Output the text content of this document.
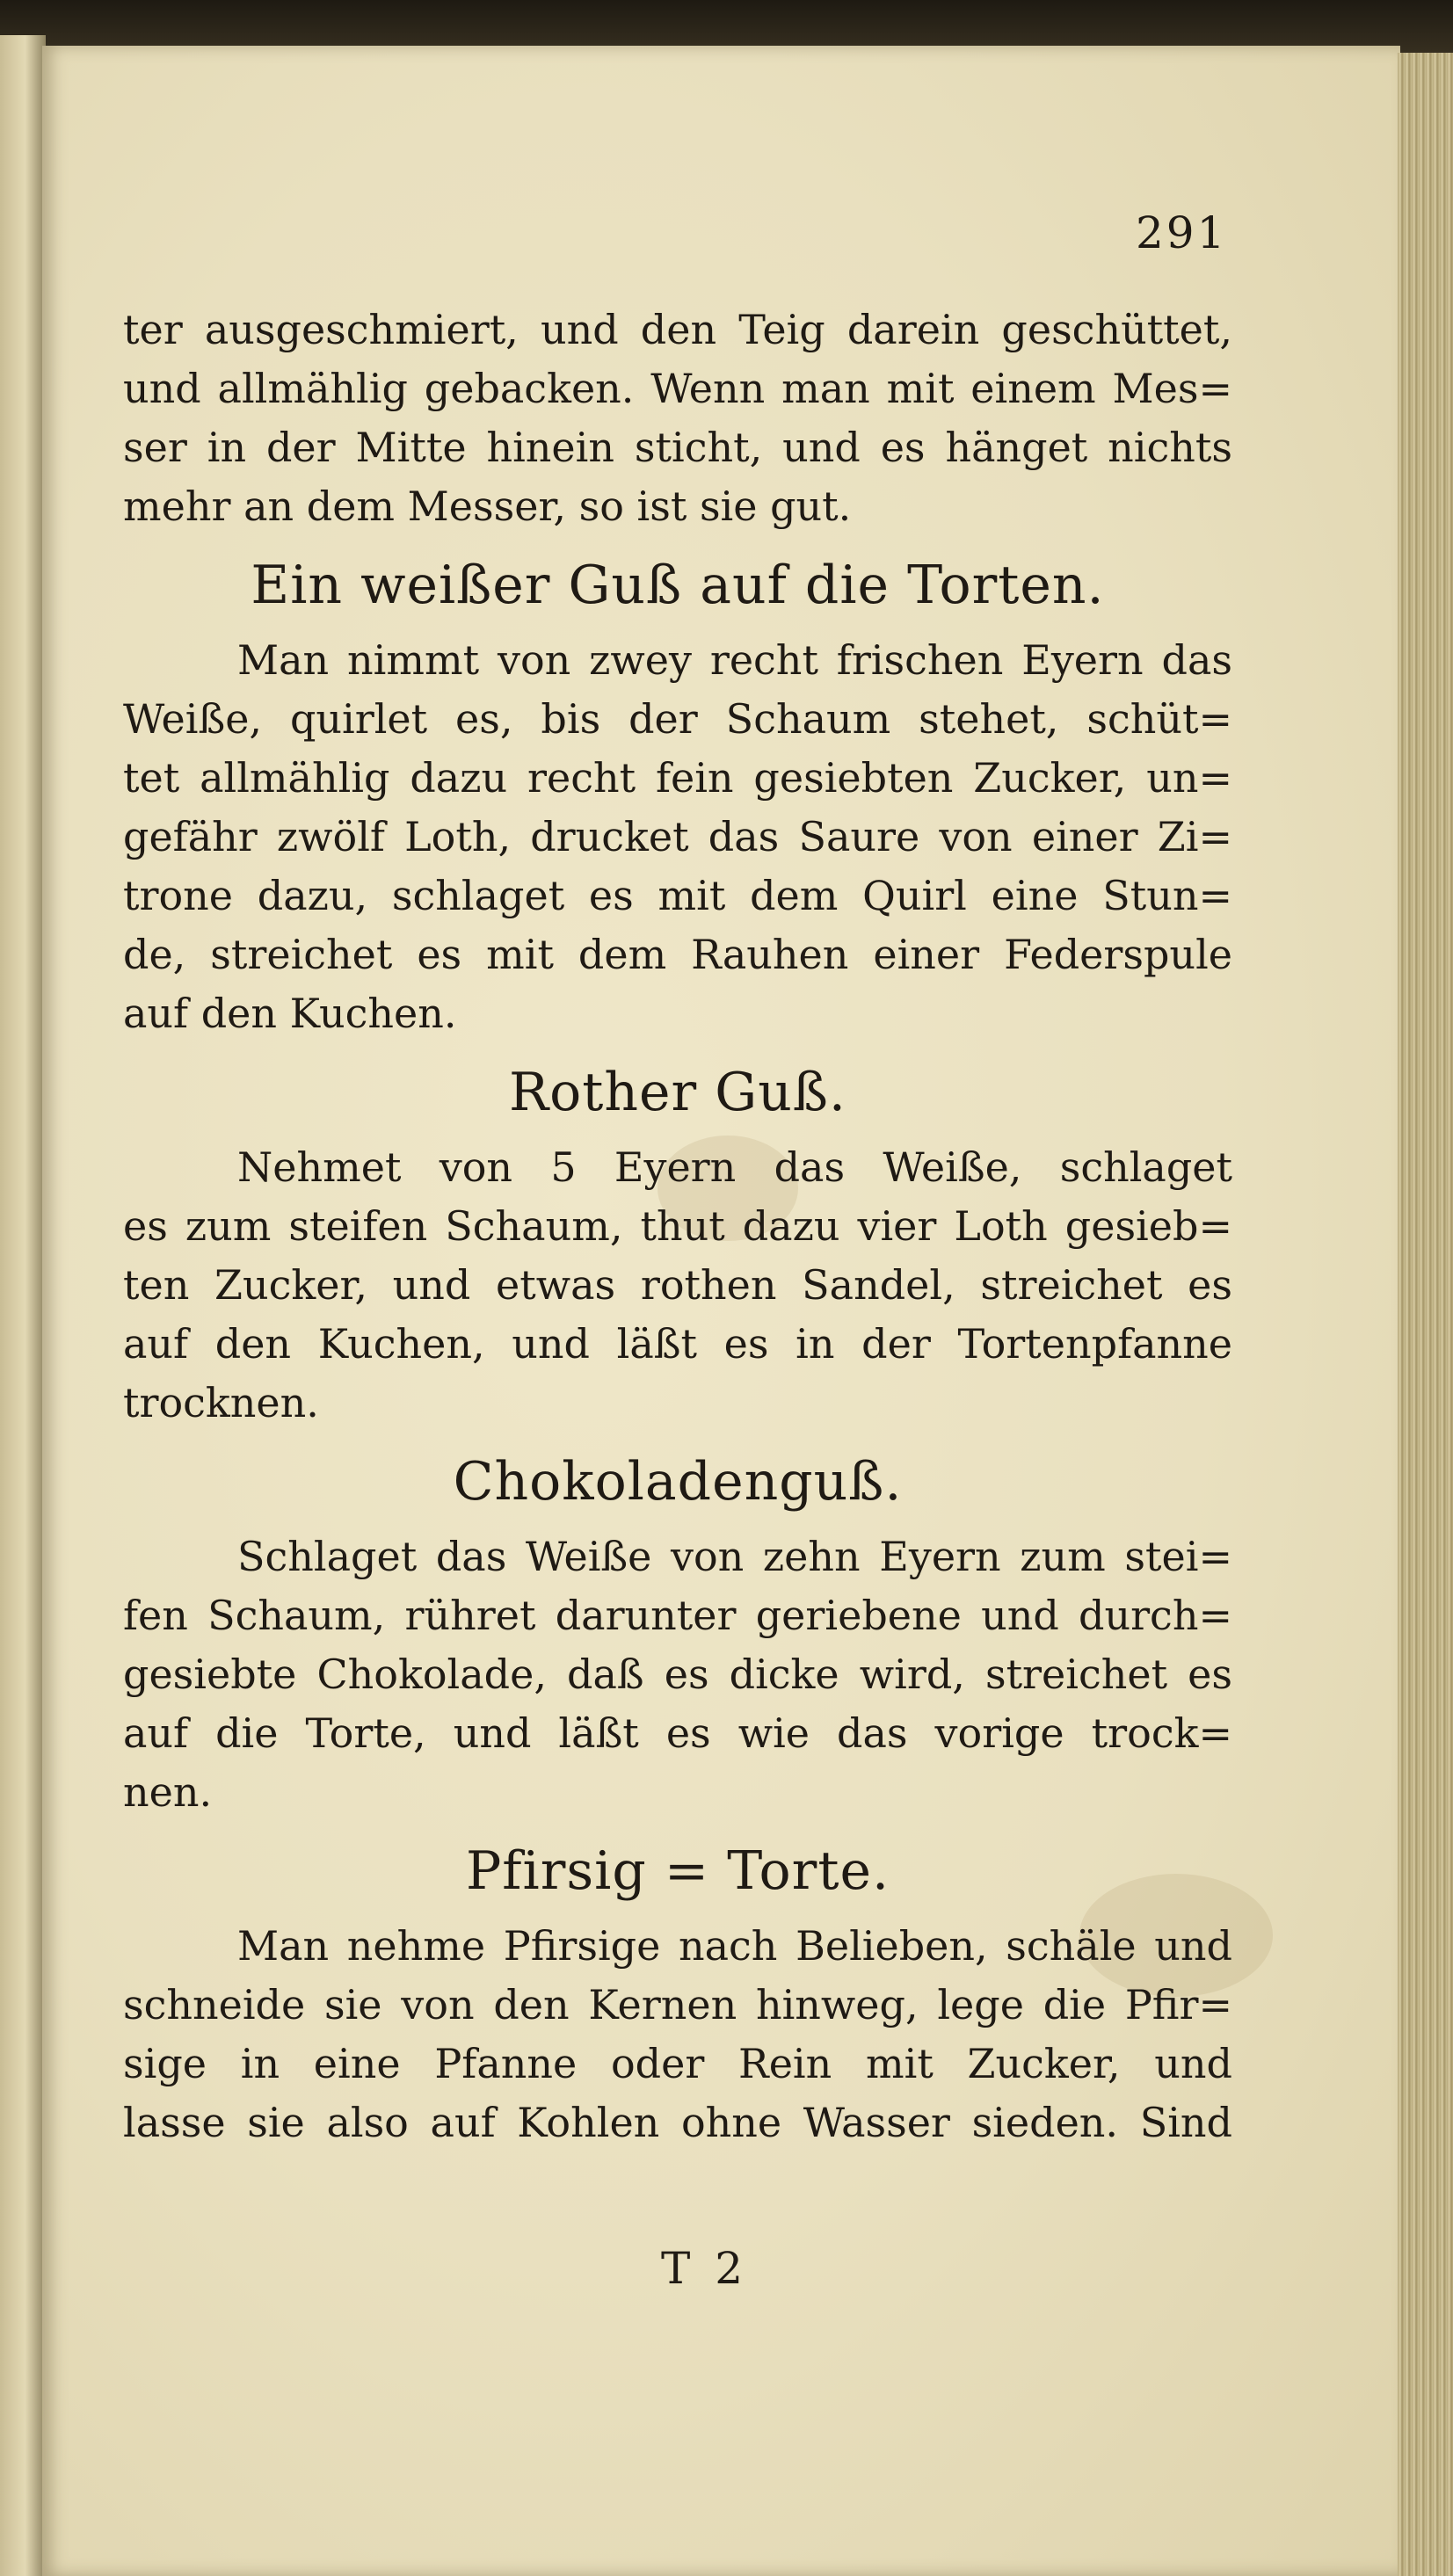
291
ter ausgeschmiert, und den Teig darein geschüttet,
und allmählig gebacken. Wenn man mit einem Mes=
ser in der Mitte hinein sticht, und es hänget nichts
mehr an dem Messer, so ist sie gut.
Ein weißer Guß auf die Torten.
Man nimmt von zwey recht frischen Eyern das
Weiße, quirlet es, bis der Schaum stehet, schüt=
tet allmählig dazu recht fein gesiebten Zucker, un=
gefähr zwölf Loth, drucket das Saure von einer Zi=
trone dazu, schlaget es mit dem Quirl eine Stun=
de, streichet es mit dem Rauhen einer Federspule
auf den Kuchen.
Rother Guß.
Nehmet von 5 Eyern das Weiße, schlaget
es zum steifen Schaum, thut dazu vier Loth gesieb=
ten Zucker, und etwas rothen Sandel, streichet es
auf den Kuchen, und läßt es in der Tortenpfanne
trocknen.
Chokoladenguß.
Schlaget das Weiße von zehn Eyern zum stei=
fen Schaum, rühret darunter geriebene und durch=
gesiebte Chokolade, daß es dicke wird, streichet es
auf die Torte, und läßt es wie das vorige trock=
nen.
Pfirsig = Torte.
Man nehme Pfirsige nach Belieben, schäle und
schneide sie von den Kernen hinweg, lege die Pfir=
sige in eine Pfanne oder Rein mit Zucker, und
lasse sie also auf Kohlen ohne Wasser sieden. Sind
T 2
